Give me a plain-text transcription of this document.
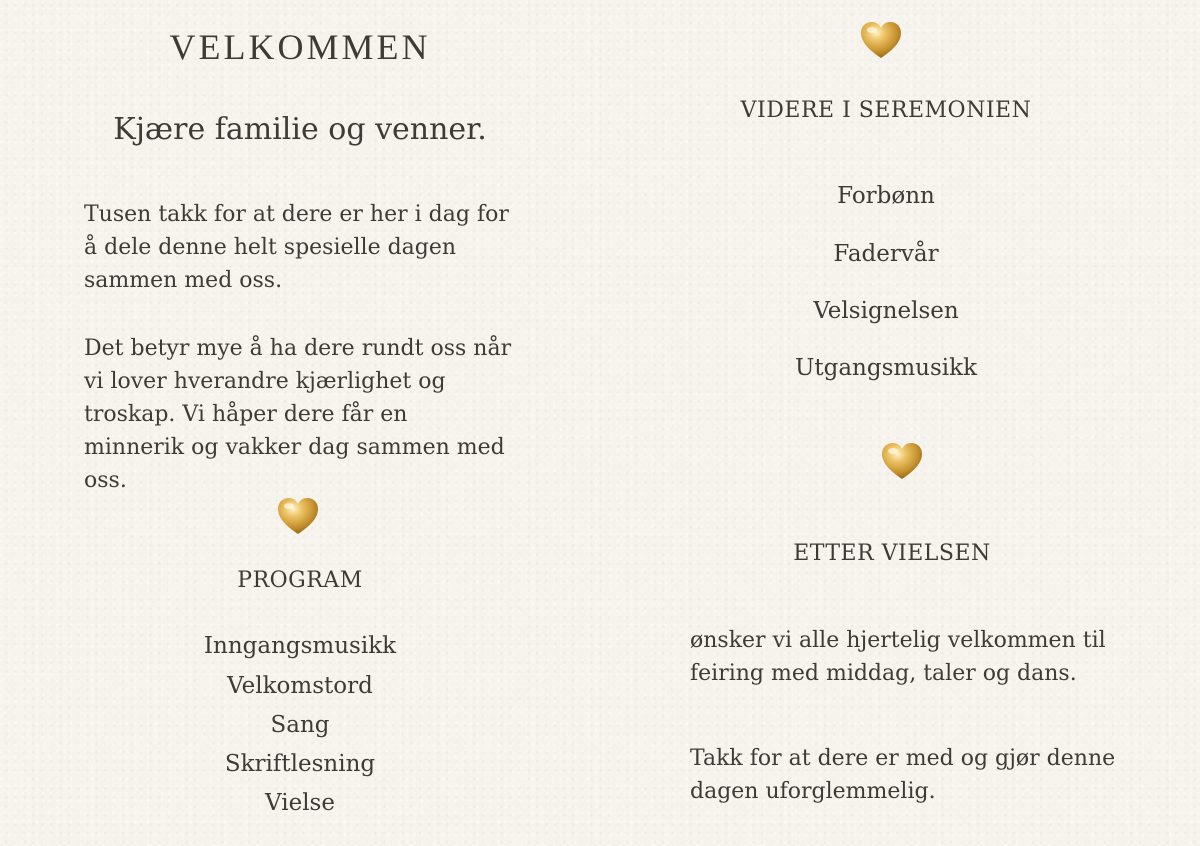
VELKOMMEN
Kjære familie og venner.

Tusen takk for at dere er her i dag for å dele denne helt spesielle dagen sammen med oss.

Det betyr mye å ha dere rundt oss når vi lover hverandre kjærlighet og troskap. Vi håper dere får en minnerik og vakker dag sammen med oss.

PROGRAM
Inngangsmusikk
Velkomstord
Sang
Skriftlesning
Vielse
VIDERE I SEREMONIEN
Forbønn
Fadervår
Velsignelsen
Utgangsmusikk
ETTER VIELSEN

ønsker vi alle hjertelig velkommen til feiring med middag, taler og dans.

Takk for at dere er med og gjør denne dagen uforglemmelig.
